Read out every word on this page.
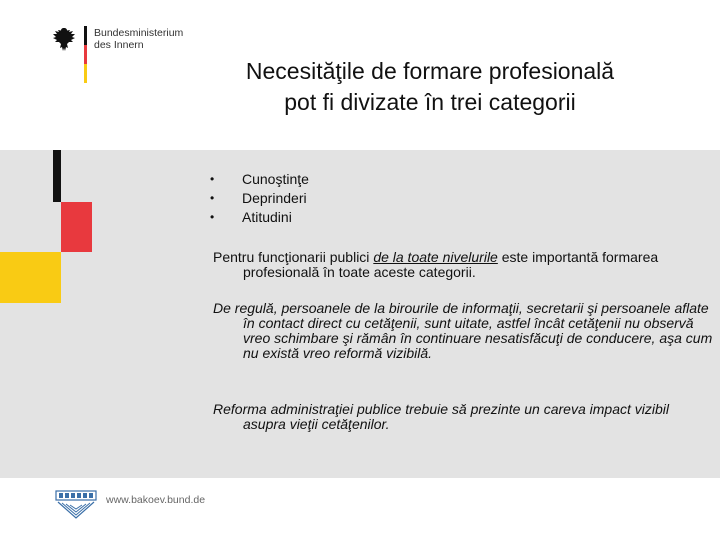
Bundesministerium
des Innern
Necesităţile de formare profesională
pot fi divizate în trei categorii
• Cunoştinţe
• Deprinderi
• Atitudini

Pentru funcţionarii publici de la toate nivelurile este importantă formarea profesională în toate aceste categorii.

De regulă, persoanele de la birourile de informaţii, secretarii şi persoanele aflate în contact direct cu cetăţenii, sunt uitate, astfel încât cetăţenii nu observă vreo schimbare şi rămân în continuare nesatisfăcuţi de conducere, aşa cum nu există vreo reformă vizibilă.

Reforma administraţiei publice trebuie să prezinte un careva impact vizibil asupra vieţii cetăţenilor.

www.bakoev.bund.de
